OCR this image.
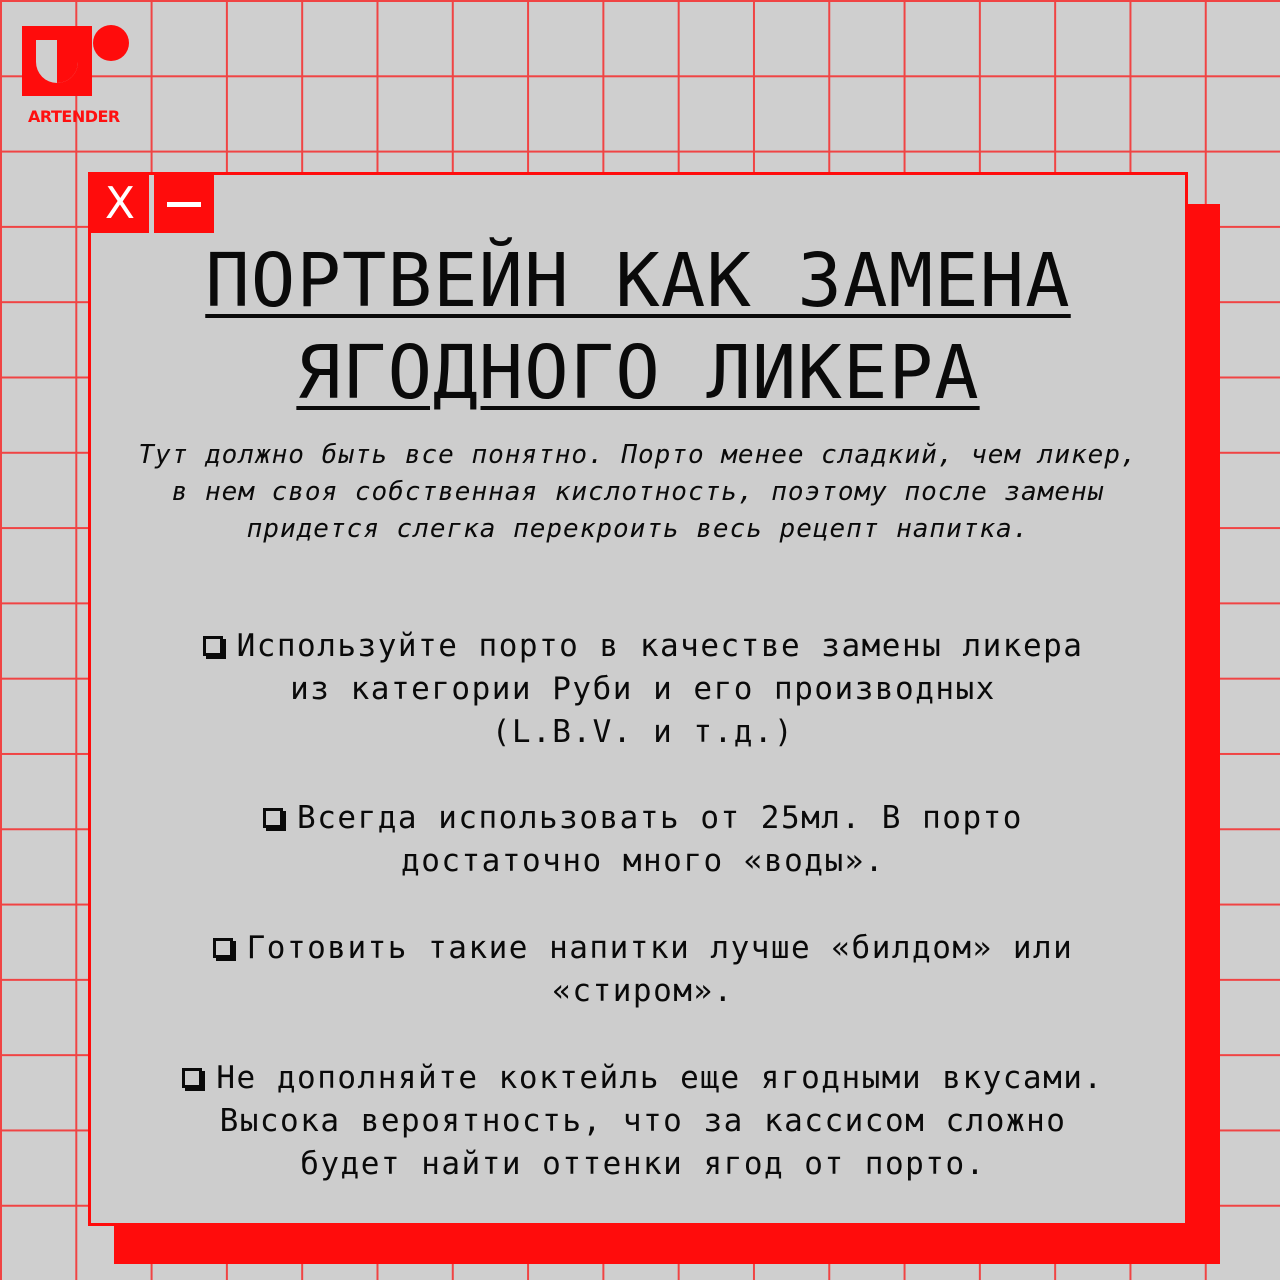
ARTENDER
X
ПОРТВЕЙН КАК ЗАМЕНА
ЯГОДНОГО ЛИКЕРА
Тут должно быть все понятно. Порто менее сладкий, чем ликер, в нем своя собственная кислотность, поэтому после замены придется слегка перекроить весь рецепт напитка.
Используйте порто в качестве замены ликера
из категории Руби и его производных
(L.B.V. и т.д.)
Всегда использовать от 25мл. В порто
достаточно много «воды».
Готовить такие напитки лучше «билдом» или
«стиром».
Не дополняйте коктейль еще ягодными вкусами.
Высока вероятность, что за кассисом сложно
будет найти оттенки ягод от порто.
